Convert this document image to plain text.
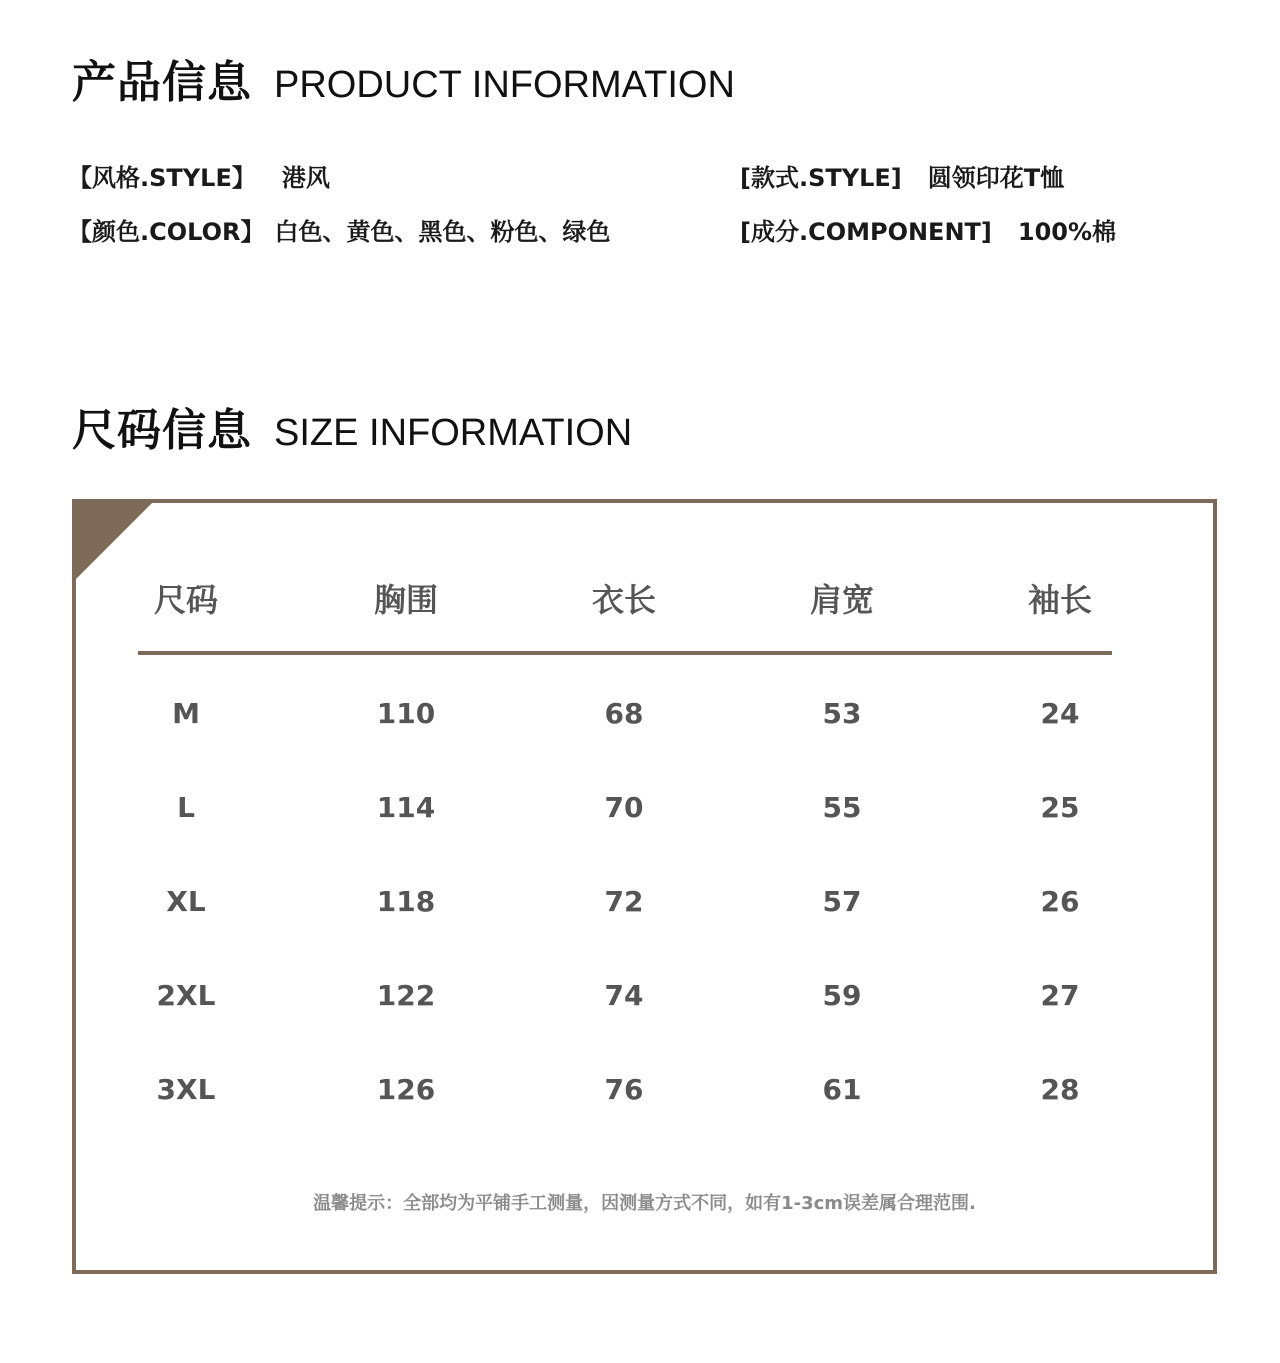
产品信息 PRODUCT INFORMATION
【风格.STYLE】 港风
【颜色.COLOR】 白色、黄色、黑色、粉色、绿色
[款式.STYLE] 圆领印花T恤
[成分.COMPONENT] 100%棉
尺码信息 SIZE INFORMATION
尺码	胸围	衣长	肩宽	袖长
M	110	68	53	24
L	114	70	55	25
XL	118	72	57	26
2XL	122	74	59	27
3XL	126	76	61	28
温馨提示：全部均为平铺手工测量，因测量方式不同，如有1-3cm误差属合理范围.
